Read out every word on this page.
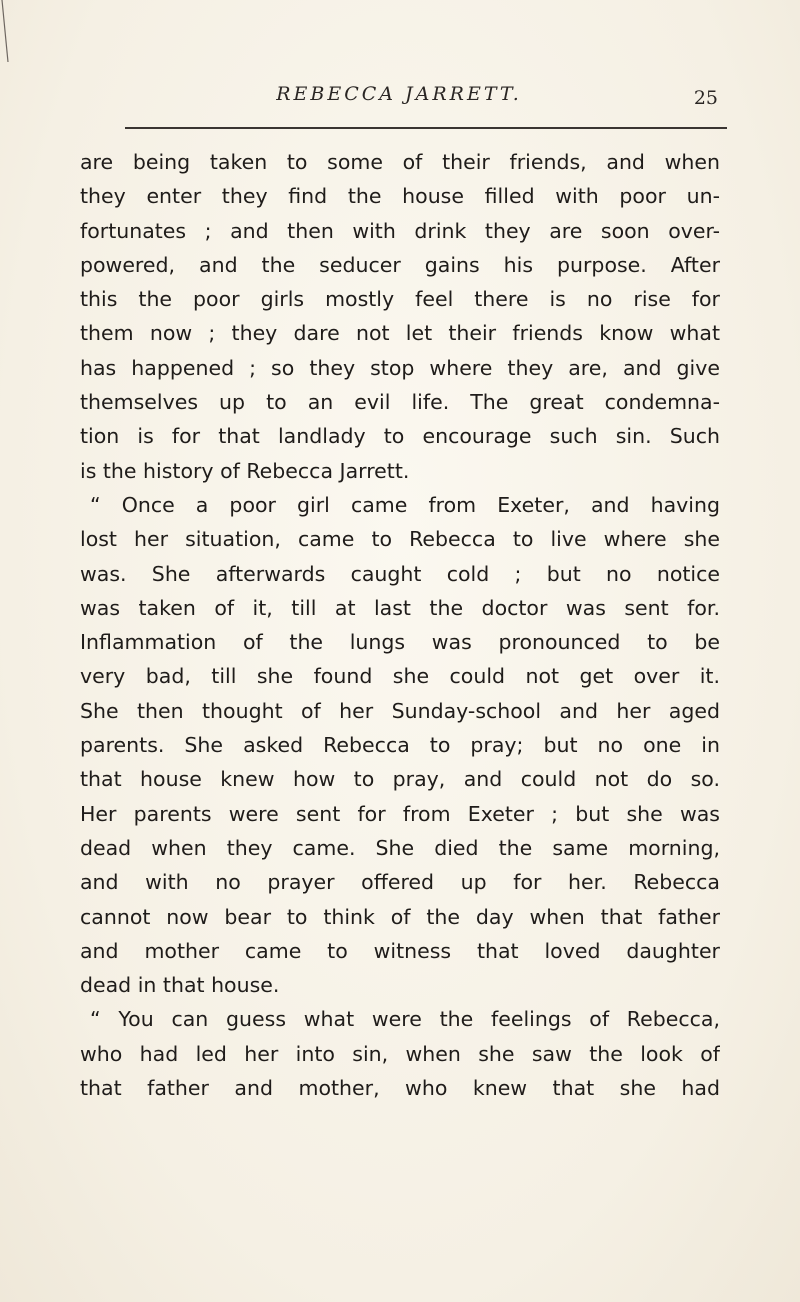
REBECCA JARRETT.	25
are being taken to some of their friends, and when
they enter they find the house filled with poor un-
fortunates ; and then with drink they are soon over-
powered, and the seducer gains his purpose. After
this the poor girls mostly feel there is no rise for
them now ; they dare not let their friends know what
has happened ; so they stop where they are, and give
themselves up to an evil life. The great condemna-
tion is for that landlady to encourage such sin. Such
is the history of Rebecca Jarrett.
“ Once a poor girl came from Exeter, and having
lost her situation, came to Rebecca to live where she
was. She afterwards caught cold ; but no notice
was taken of it, till at last the doctor was sent for.
Inflammation of the lungs was pronounced to be
very bad, till she found she could not get over it.
She then thought of her Sunday-school and her aged
parents. She asked Rebecca to pray; but no one in
that house knew how to pray, and could not do so.
Her parents were sent for from Exeter ; but she was
dead when they came. She died the same morning,
and with no prayer offered up for her. Rebecca
cannot now bear to think of the day when that father
and mother came to witness that loved daughter
dead in that house.
“ You can guess what were the feelings of Rebecca,
who had led her into sin, when she saw the look of
that father and mother, who knew that she had
